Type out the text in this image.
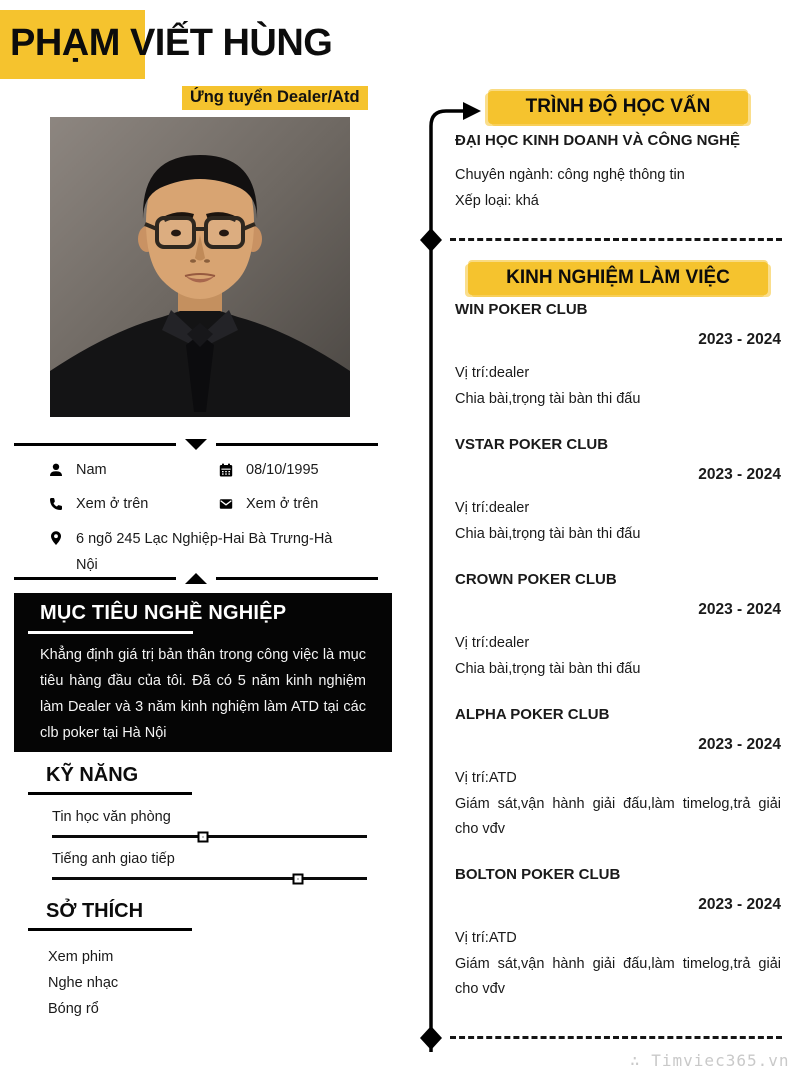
PHẠM VIẾT HÙNG
Ứng tuyển Dealer/Atd
Nam	08/10/1995
Xem ở trên	Xem ở trên
6 ngõ 245 Lạc Nghiệp-Hai Bà Trưng-Hà Nội
MỤC TIÊU NGHỀ NGHIỆP

Khẳng định giá trị bản thân trong công việc là mục tiêu hàng đầu của tôi. Đã có 5 năm kinh nghiệm làm Dealer và 3 năm kinh nghiệm làm ATD tại các clb poker tại Hà Nội

KỸ NĂNG
Tin học văn phòng
Tiếng anh giao tiếp
SỞ THÍCH
Xem phim
Nghe nhạc
Bóng rổ
TRÌNH ĐỘ HỌC VẤN
ĐẠI HỌC KINH DOANH VÀ CÔNG NGHỆ
Chuyên ngành: công nghệ thông tin
Xếp loại: khá
KINH NGHIỆM LÀM VIỆC
WIN POKER CLUB
2023 - 2024
Vị trí:dealer
Chia bài,trọng tài bàn thi đấu
VSTAR POKER CLUB
2023 - 2024
Vị trí:dealer
Chia bài,trọng tài bàn thi đấu
CROWN POKER CLUB
2023 - 2024
Vị trí:dealer
Chia bài,trọng tài bàn thi đấu
ALPHA POKER CLUB
2023 - 2024
Vị trí:ATD
Giám sát,vận hành giải đấu,làm timelog,trả giải cho vđv
BOLTON POKER CLUB
2023 - 2024
Vị trí:ATD
Giám sát,vận hành giải đấu,làm timelog,trả giải cho vđv
∴ Timviec365.vn
